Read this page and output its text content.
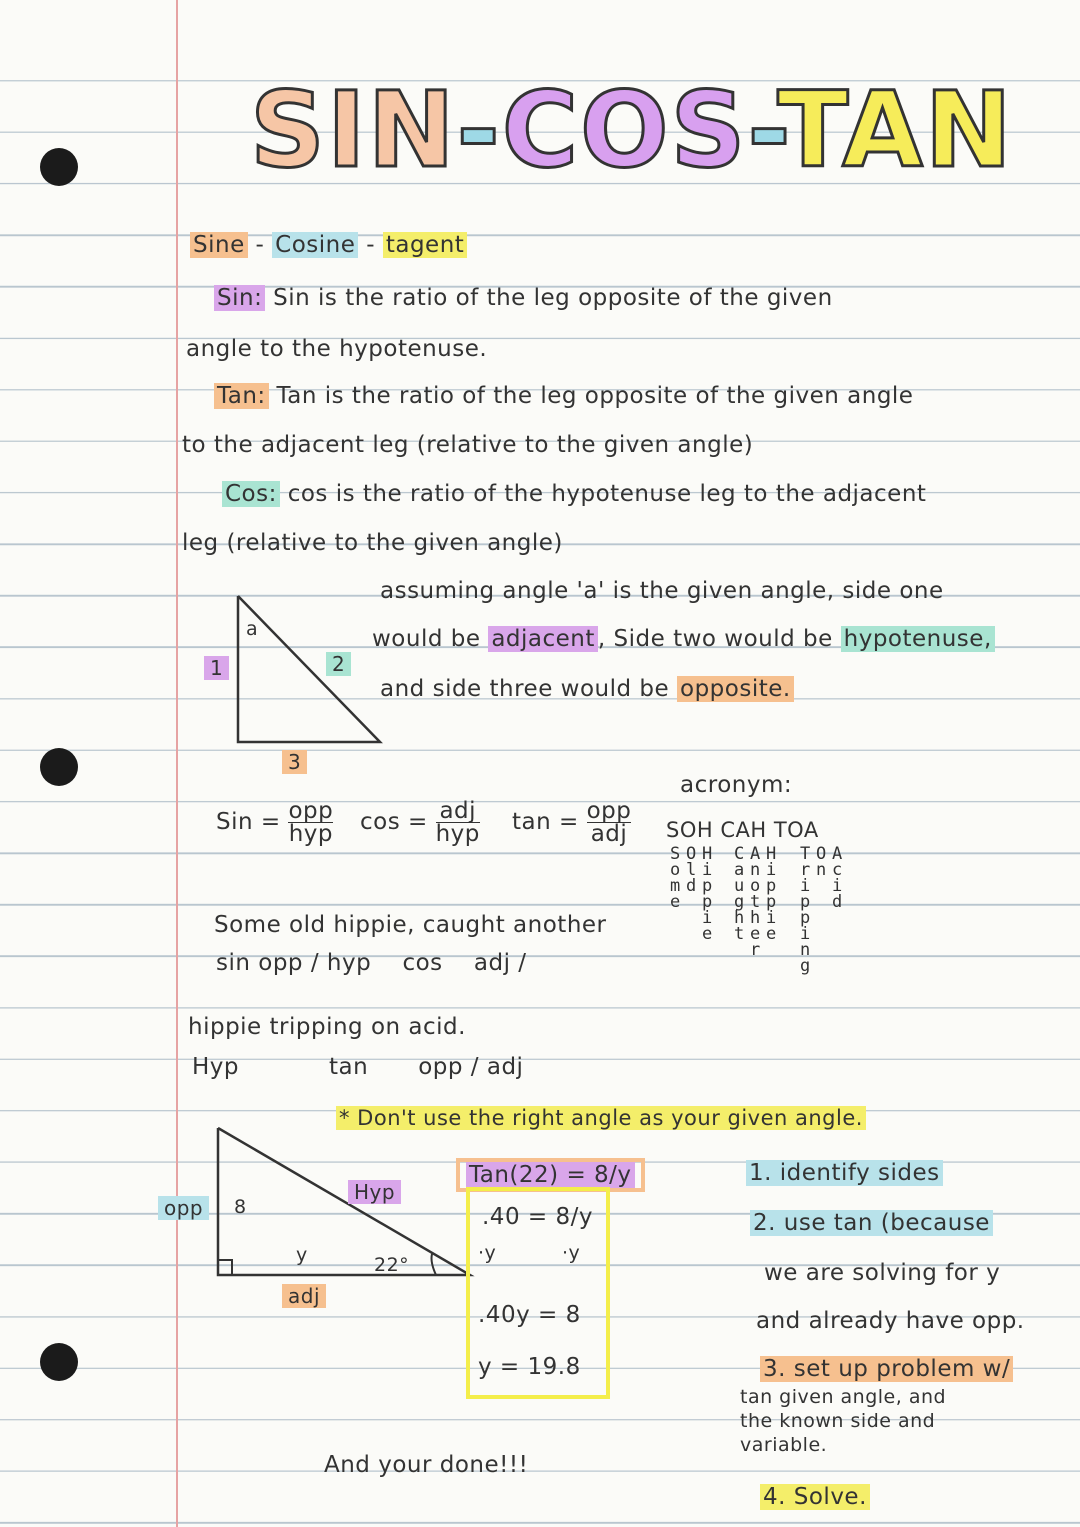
SIN-COS-TAN
Sine - Cosine - tagent
Sin: Sin is the ratio of the leg opposite of the given
angle to the hypotenuse.
Tan: Tan is the ratio of the leg opposite of the given angle
to the adjacent leg (relative to the given angle)
Cos: cos is the ratio of the hypotenuse leg to the adjacent
leg (relative to the given angle)
a
1	2
3
assuming angle 'a' is the given angle, side one
would be adjacent , Side two would be hypotenuse,
and side three would be opposite.
Sin = $\frac{\text{opp}}{\text{hyp}}$ $\cos = \frac{\text{adj}}{\text{hyp}}$ $\tan = \frac{\text{opp}}{\text{adj}}$
acronym:
SOH CAH TOA
S o m e
O l d
H i p p i e
C a u g h t
A n o t h e r
H i p p i e
T r i p p i n g
O n
A c i d
Some old hippie, caught another
sin opp / hyp cos adj /
hippie tripping on acid.
Hyp	tan opp / adj
* Don't use the right angle as your given angle.
opp	8
Hyp
y
adj
22°
Tan(22) = 8/y
.40 = 8/y
·y	·y
.40y = 8
y = 19.8
1. identify sides
2. use tan (because
we are solving for y
and already have opp.
3. set up problem w/
tan given angle, and
the known side and
variable.
4. Solve.
And your done!!!
